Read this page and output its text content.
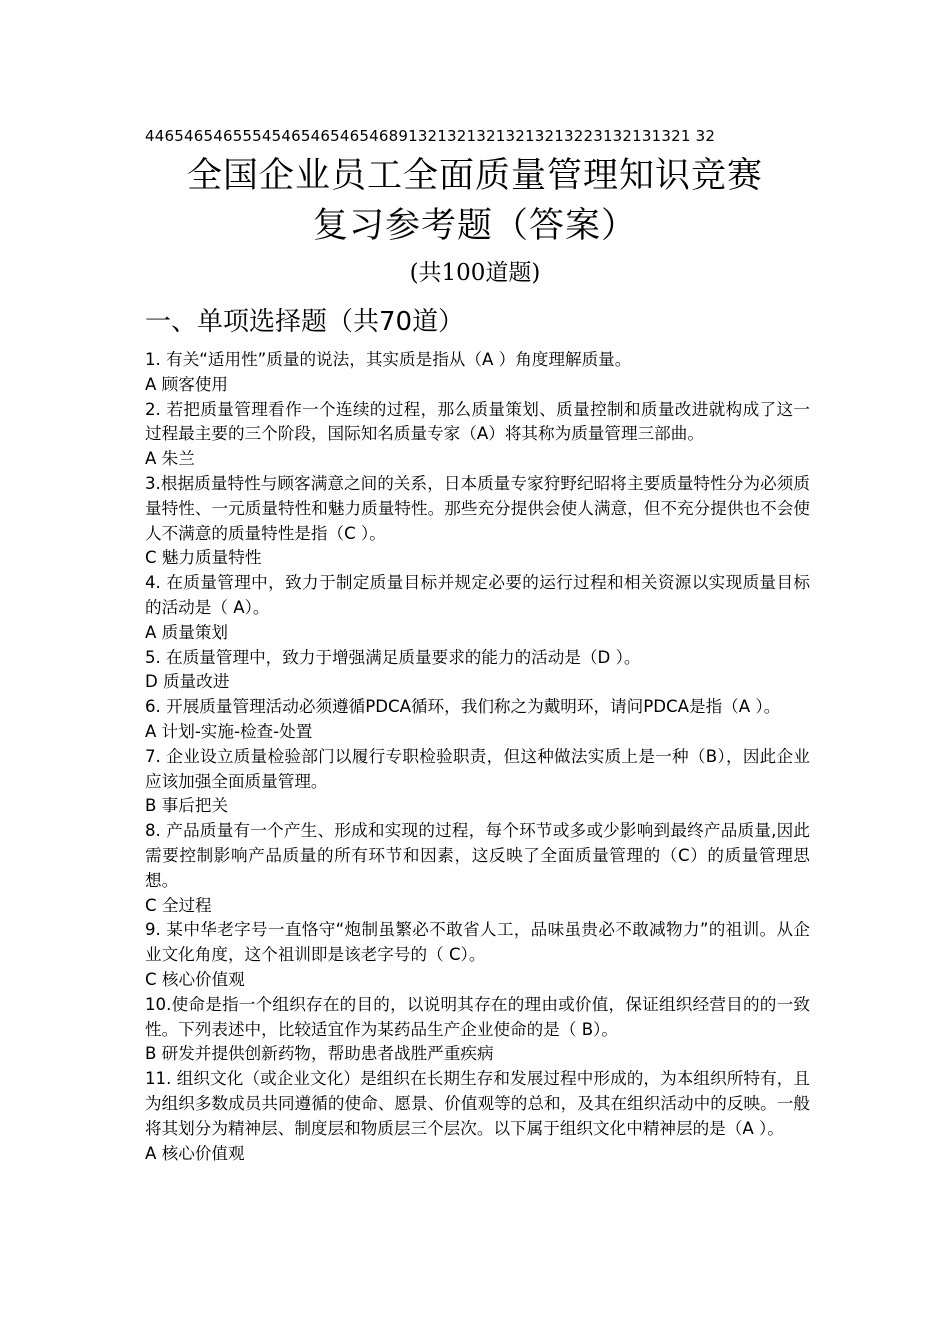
44654654655545465465465468913213213213213213223132131321 32
全国企业员工全面质量管理知识竞赛
复习参考题（答案）
(共100道题)
一、单项选择题（共70道）

1. 有关“适用性”质量的说法，其实质是指从（A ）角度理解质量。

A 顾客使用

2. 若把质量管理看作一个连续的过程，那么质量策划、质量控制和质量改进就构成了这一过程最主要的三个阶段，国际知名质量专家（A）将其称为质量管理三部曲。

A 朱兰

3.根据质量特性与顾客满意之间的关系，日本质量专家狩野纪昭将主要质量特性分为必须质量特性、一元质量特性和魅力质量特性。那些充分提供会使人满意，但不充分提供也不会使人不满意的质量特性是指（C ）。

C 魅力质量特性

4. 在质量管理中，致力于制定质量目标并规定必要的运行过程和相关资源以实现质量目标的活动是（ A）。

A 质量策划

5. 在质量管理中，致力于增强满足质量要求的能力的活动是（D ）。

D 质量改进

6. 开展质量管理活动必须遵循PDCA循环，我们称之为戴明环，请问PDCA是指（A ）。

A 计划-实施-检查-处置

7. 企业设立质量检验部门以履行专职检验职责，但这种做法实质上是一种（B），因此企业应该加强全面质量管理。

B 事后把关

8. 产品质量有一个产生、形成和实现的过程，每个环节或多或少影响到最终产品质量,因此需要控制影响产品质量的所有环节和因素，这反映了全面质量管理的（C）的质量管理思想。

C 全过程

9. 某中华老字号一直恪守“炮制虽繁必不敢省人工，品味虽贵必不敢减物力”的祖训。从企业文化角度，这个祖训即是该老字号的（ C）。

C 核心价值观

10.使命是指一个组织存在的目的，以说明其存在的理由或价值，保证组织经营目的的一致性。下列表述中，比较适宜作为某药品生产企业使命的是（ B）。

B 研发并提供创新药物，帮助患者战胜严重疾病

11. 组织文化（或企业文化）是组织在长期生存和发展过程中形成的，为本组织所特有，且为组织多数成员共同遵循的使命、愿景、价值观等的总和，及其在组织活动中的反映。一般将其划分为精神层、制度层和物质层三个层次。以下属于组织文化中精神层的是（A ）。

A 核心价值观
